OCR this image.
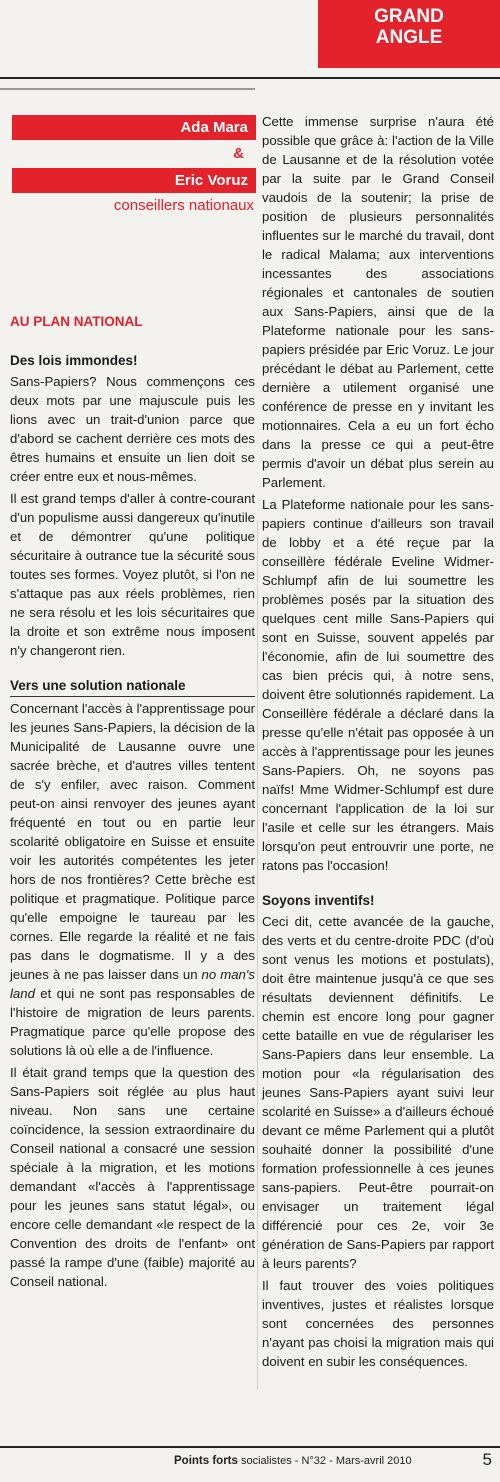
GRAND
ANGLE
Ada Mara
&
Eric Voruz
conseillers nationaux
AU PLAN NATIONAL
Des lois immondes!

Sans-Papiers? Nous commençons ces deux mots par une majuscule puis les lions avec un trait-d'union parce que d'abord se cachent derrière ces mots des êtres humains et ensuite un lien doit se créer entre eux et nous-mêmes.

Il est grand temps d'aller à contre-courant d'un populisme aussi dangereux qu'inutile et de démontrer qu'une politique sécuritaire à outrance tue la sécurité sous toutes ses formes. Voyez plutôt, si l'on ne s'attaque pas aux réels problèmes, rien ne sera résolu et les lois sécuritaires que la droite et son extrême nous imposent n'y changeront rien.

Vers une solution nationale

Concernant l'accès à l'apprentissage pour les jeunes Sans-Papiers, la décision de la Municipalité de Lausanne ouvre une sacrée brèche, et d'autres villes tentent de s'y enfiler, avec raison. Comment peut-on ainsi renvoyer des jeunes ayant fréquenté en tout ou en partie leur scolarité obligatoire en Suisse et ensuite voir les autorités compétentes les jeter hors de nos frontières? Cette brèche est politique et pragmatique. Politique parce qu'elle empoigne le taureau par les cornes. Elle regarde la réalité et ne fais pas dans le dogmatisme. Il y a des jeunes à ne pas laisser dans un no man's land et qui ne sont pas responsables de l'histoire de migration de leurs parents. Pragmatique parce qu'elle propose des solutions là où elle a de l'influence.

Il était grand temps que la question des Sans-Papiers soit réglée au plus haut niveau. Non sans une certaine coïncidence, la session extraordinaire du Conseil national a consacré une session spéciale à la migration, et les motions demandant «l'accès à l'apprentissage pour les jeunes sans statut légal», ou encore celle demandant «le respect de la Convention des droits de l'enfant» ont passé la rampe d'une (faible) majorité au Conseil national.

Cette immense surprise n'aura été possible que grâce à: l'action de la Ville de Lausanne et de la résolution votée par la suite par le Grand Conseil vaudois de la soutenir; la prise de position de plusieurs personnalités influentes sur le marché du travail, dont le radical Malama; aux interventions incessantes des associations régionales et cantonales de soutien aux Sans-Papiers, ainsi que de la Plateforme nationale pour les sans-papiers présidée par Eric Voruz. Le jour précédant le débat au Parlement, cette dernière a utilement organisé une conférence de presse en y invitant les motionnaires. Cela a eu un fort écho dans la presse ce qui a peut-être permis d'avoir un débat plus serein au Parlement.

La Plateforme nationale pour les sans-papiers continue d'ailleurs son travail de lobby et a été reçue par la conseillère fédérale Eveline Widmer-Schlumpf afin de lui soumettre les problèmes posés par la situation des quelques cent mille Sans-Papiers qui sont en Suisse, souvent appelés par l'économie, afin de lui soumettre des cas bien précis qui, à notre sens, doivent être solutionnés rapidement. La Conseillère fédérale a déclaré dans la presse qu'elle n'était pas opposée à un accès à l'apprentissage pour les jeunes Sans-Papiers. Oh, ne soyons pas naïfs! Mme Widmer-Schlumpf est dure concernant l'application de la loi sur l'asile et celle sur les étrangers. Mais lorsqu'on peut entrouvrir une porte, ne ratons pas l'occasion!

Soyons inventifs!

Ceci dit, cette avancée de la gauche, des verts et du centre-droite PDC (d'où sont venus les motions et postulats), doit être maintenue jusqu'à ce que ses résultats deviennent définitifs. Le chemin est encore long pour gagner cette bataille en vue de régulariser les Sans-Papiers dans leur ensemble. La motion pour «la régularisation des jeunes Sans-Papiers ayant suivi leur scolarité en Suisse» a d'ailleurs échoué devant ce même Parlement qui a plutôt souhaité donner la possibilité d'une formation professionnelle à ces jeunes sans-papiers. Peut-être pourrait-on envisager un traitement légal différencié pour ces 2e, voir 3e génération de Sans-Papiers par rapport à leurs parents?

Il faut trouver des voies politiques inventives, justes et réalistes lorsque sont concernées des personnes n'ayant pas choisi la migration mais qui doivent en subir les conséquences.

Points forts socialistes - N°32 - Mars-avril 2010	5
